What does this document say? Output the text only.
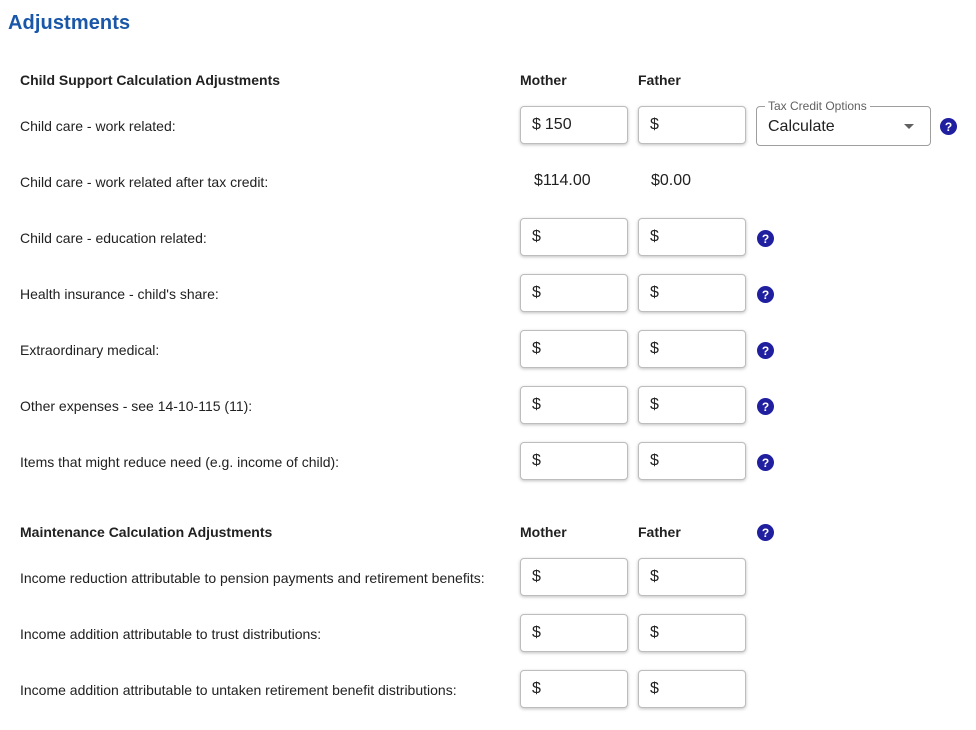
Adjustments
Child Support Calculation Adjustments	Mother	Father
Child care - work related:	$ 150	$
Tax Credit Options
Calculate	?
Child care - work related after tax credit:	$114.00	$0.00
Child care - education related:	$	$	?
Health insurance - child's share:	$	$	?
Extraordinary medical:	$	$	?
Other expenses - see 14-10-115 (11):	$	$	?
Items that might reduce need (e.g. income of child):	$	$	?
Maintenance Calculation Adjustments	Mother	Father	?
Income reduction attributable to pension payments and retirement benefits:	$	$
Income addition attributable to trust distributions:	$	$
Income addition attributable to untaken retirement benefit distributions:	$	$
